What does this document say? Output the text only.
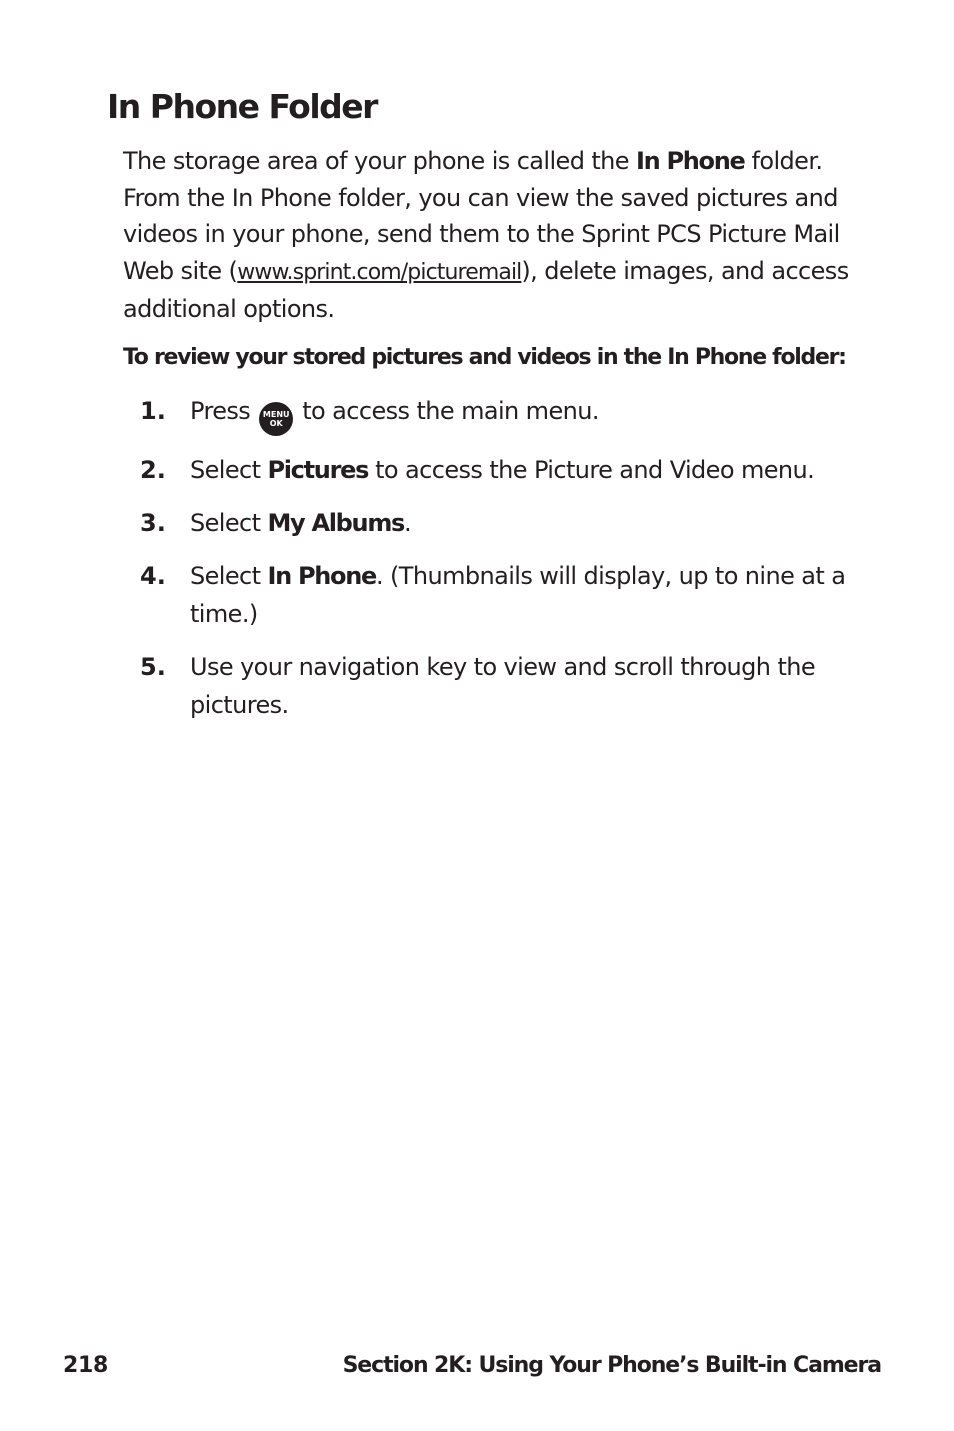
In Phone Folder

The storage area of your phone is called the In Phone folder. From the In Phone folder, you can view the saved pictures and videos in your phone, send them to the Sprint PCS Picture Mail Web site (www.sprint.com/picturemail), delete images, and access additional options.

To review your stored pictures and videos in the In Phone folder:

1. Press MENU
OK to access the main menu.
2. Select Pictures to access the Picture and Video menu.
3. Select My Albums.
4. Select In Phone. (Thumbnails will display, up to nine at a time.)
5. Use your navigation key to view and scroll through the pictures.
218	Section 2K: Using Your Phone’s Built-in Camera
